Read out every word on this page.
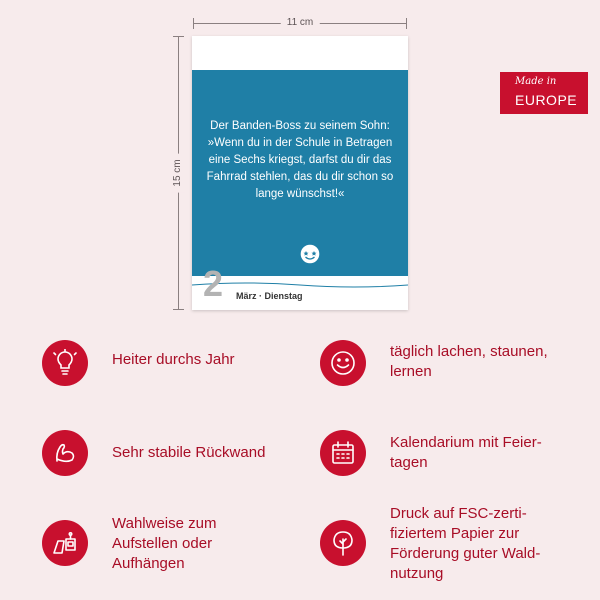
11 cm
15 cm
Der Banden-Boss zu seinem Sohn:
»Wenn du in der Schule in Betragen
eine Sechs kriegst, darfst du dir das
Fahrrad stehlen, das du dir schon so
lange wünschst!«
2 März · Dienstag
Made in
EUROPE
Heiter durchs Jahr	täglich lachen, staunen,
lernen
Sehr stabile Rückwand
Kalendarium mit Feier-
tagen
Wahlweise zum
Aufstellen oder
Aufhängen
Druck auf FSC-zerti-
fiziertem Papier zur
Förderung guter Wald-
nutzung
